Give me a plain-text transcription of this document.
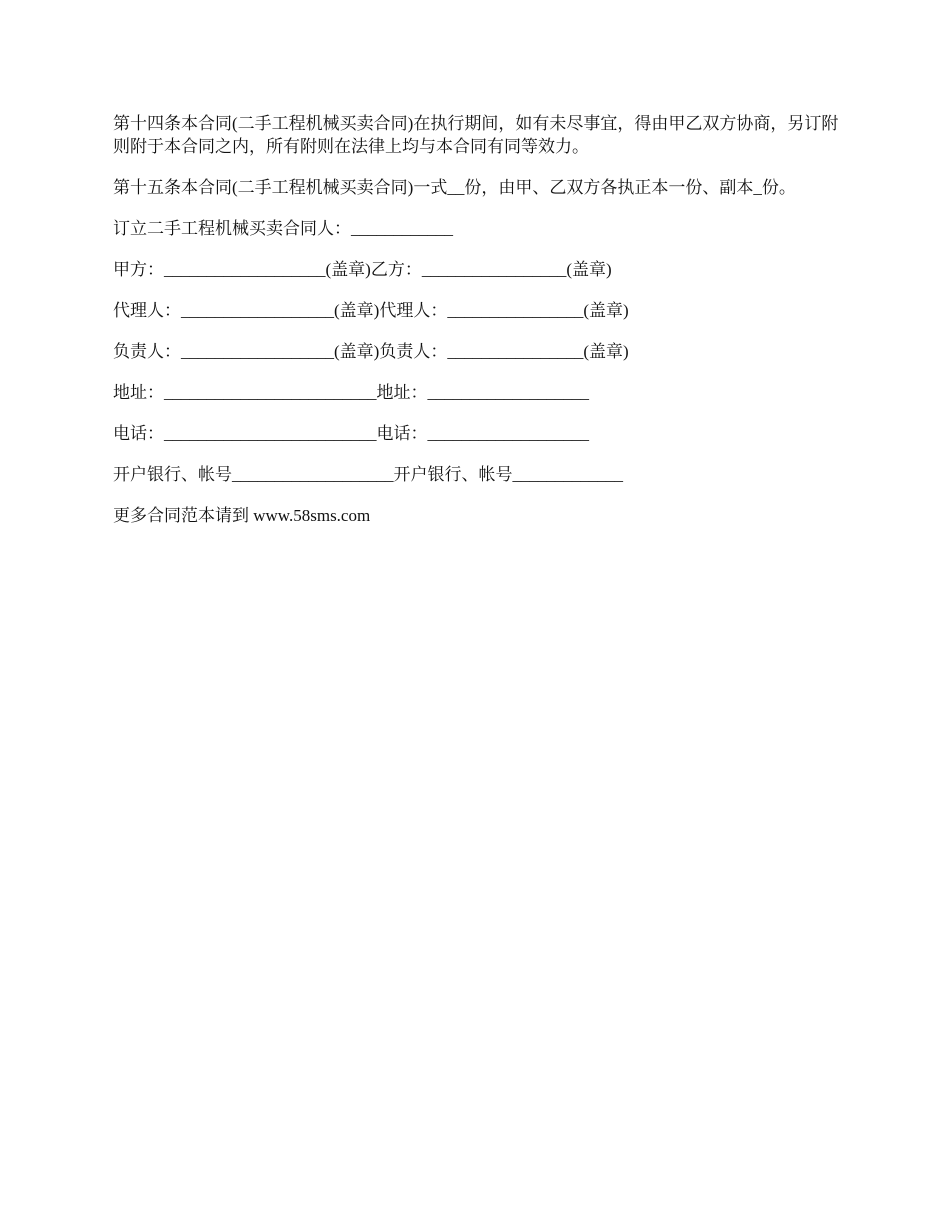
第十四条本合同(二手工程机械买卖合同)在执行期间，如有未尽事宜，得由甲乙双方协商，另订附则附于本合同之内，所有附则在法律上均与本合同有同等效力。

第十五条本合同(二手工程机械买卖合同)一式__份，由甲、乙双方各执正本一份、副本_份。

订立二手工程机械买卖合同人：____________

甲方：___________________(盖章)乙方：_________________(盖章)

代理人：__________________(盖章)代理人：________________(盖章)

负责人：__________________(盖章)负责人：________________(盖章)

地址：_________________________地址：___________________

电话：_________________________电话：___________________

开户银行、帐号___________________开户银行、帐号_____________

更多合同范本请到 www.58sms.com
